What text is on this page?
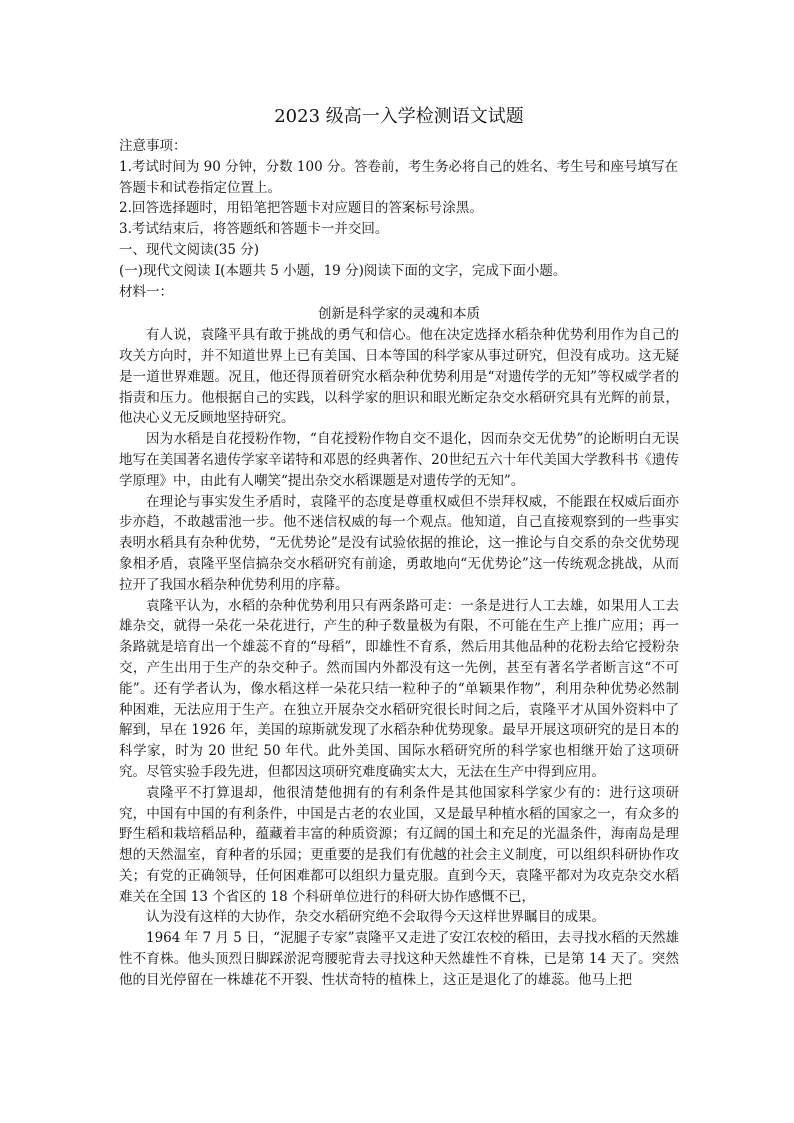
2023 级高一入学检测语文试题

注意事项：

1.考试时间为 90 分钟，分数 100 分。答卷前，考生务必将自己的姓名、考生号和座号填写在答题卡和试卷指定位置上。

2.回答选择题时，用铅笔把答题卡对应题目的答案标号涂黑。

3.考试结束后，将答题纸和答题卡一并交回。

一、现代文阅读(35 分)

(一)现代文阅读 I(本题共 5 小题，19 分)阅读下面的文字，完成下面小题。

材料一：

创新是科学家的灵魂和本质

有人说，袁隆平具有敢于挑战的勇气和信心。他在决定选择水稻杂种优势利用作为自己的攻关方向时，并不知道世界上已有美国、日本等国的科学家从事过研究，但没有成功。这无疑是一道世界难题。况且，他还得顶着研究水稻杂种优势利用是“对遗传学的无知”等权威学者的指责和压力。他根据自己的实践，以科学家的胆识和眼光断定杂交水稻研究具有光辉的前景，他决心义无反顾地坚持研究。

因为水稻是自花授粉作物，“自花授粉作物自交不退化，因而杂交无优势”的论断明白无误地写在美国著名遗传学家辛诺特和邓恩的经典著作、20世纪五六十年代美国大学教科书《遗传学原理》中，由此有人嘲笑“提出杂交水稻课题是对遗传学的无知”。

在理论与事实发生矛盾时，袁隆平的态度是尊重权威但不崇拜权威，不能跟在权威后面亦步亦趋，不敢越雷池一步。他不迷信权威的每一个观点。他知道，自己直接观察到的一些事实表明水稻具有杂种优势，“无优势论”是没有试验依据的推论，这一推论与自交系的杂交优势现象相矛盾，袁隆平坚信搞杂交水稻研究有前途，勇敢地向“无优势论”这一传统观念挑战，从而拉开了我国水稻杂种优势利用的序幕。

袁隆平认为，水稻的杂种优势利用只有两条路可走：一条是进行人工去雄，如果用人工去雄杂交，就得一朵花一朵花进行，产生的种子数量极为有限，不可能在生产上推广应用；再一条路就是培育出一个雄蕊不育的“母稻”，即雄性不育系，然后用其他品种的花粉去给它授粉杂交，产生出用于生产的杂交种子。然而国内外都没有这一先例，甚至有著名学者断言这“不可能”。还有学者认为，像水稻这样一朵花只结一粒种子的“单颖果作物”，利用杂种优势必然制种困难，无法应用于生产。在独立开展杂交水稻研究很长时间之后，袁隆平才从国外资料中了解到，早在 1926 年，美国的琼斯就发现了水稻杂种优势现象。最早开展这项研究的是日本的科学家，时为 20 世纪 50 年代。此外美国、国际水稻研究所的科学家也相继开始了这项研究。尽管实验手段先进，但都因这项研究难度确实太大，无法在生产中得到应用。

袁隆平不打算退却，他很清楚他拥有的有利条件是其他国家科学家少有的：进行这项研究，中国有中国的有利条件，中国是古老的农业国，又是最早种植水稻的国家之一，有众多的野生稻和栽培稻品种，蕴藏着丰富的种质资源；有辽阔的国土和充足的光温条件，海南岛是理想的天然温室，育种者的乐园；更重要的是我们有优越的社会主义制度，可以组织科研协作攻关；有党的正确领导，任何困难都可以组织力量克服。直到今天，袁隆平都对为攻克杂交水稻难关在全国 13 个省区的 18 个科研单位进行的科研大协作感慨不已，

认为没有这样的大协作，杂交水稻研究绝不会取得今天这样世界瞩目的成果。

1964 年 7 月 5 日，“泥腿子专家”袁隆平又走进了安江农校的稻田，去寻找水稻的天然雄性不育株。他头顶烈日脚踩淤泥弯腰驼背去寻找这种天然雄性不育株，已是第 14 天了。突然他的目光停留在一株雄花不开裂、性状奇特的植株上，这正是退化了的雄蕊。他马上把
